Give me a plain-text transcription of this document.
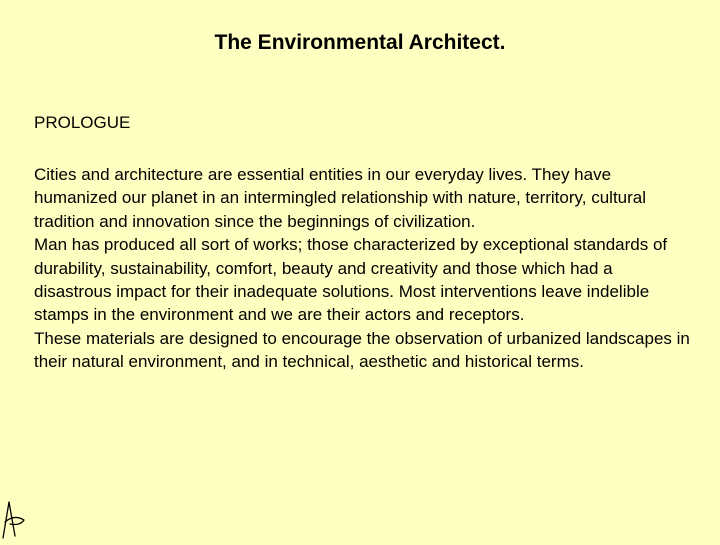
The Environmental Architect.
PROLOGUE

Cities and architecture are essential entities in our everyday lives. They have humanized our planet in an intermingled relationship with nature, territory, cultural tradition and innovation since the beginnings of civilization.

Man has produced all sort of works; those characterized by exceptional standards of durability, sustainability, comfort, beauty and creativity and those which had a disastrous impact for their inadequate solutions. Most interventions leave indelible stamps in the environment and we are their actors and receptors.

These materials are designed to encourage the observation of urbanized landscapes in their natural environment, and in technical, aesthetic and historical terms.
